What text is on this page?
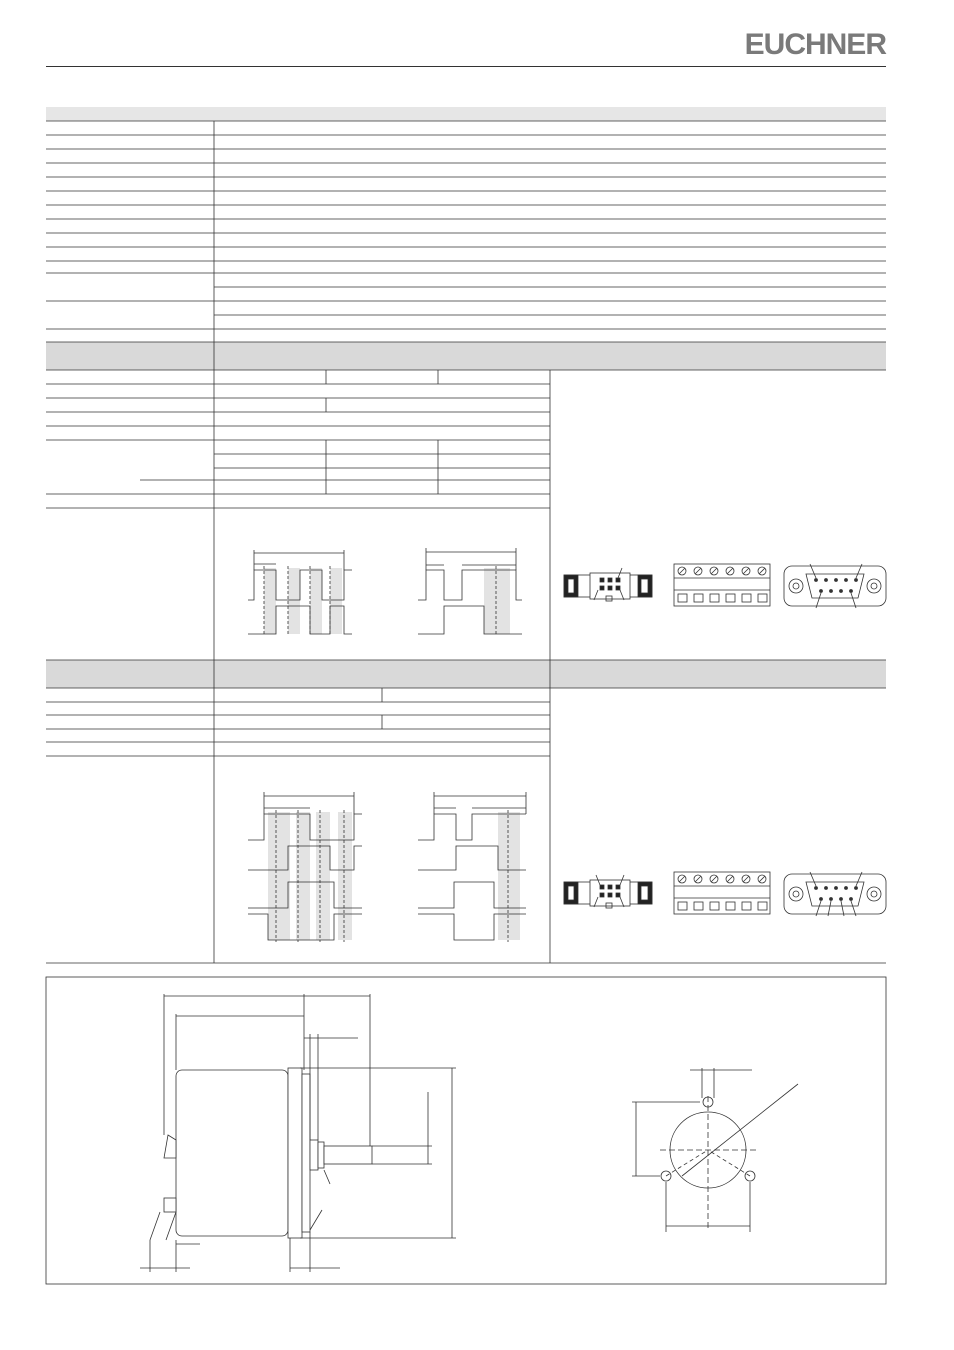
EUCHNER
